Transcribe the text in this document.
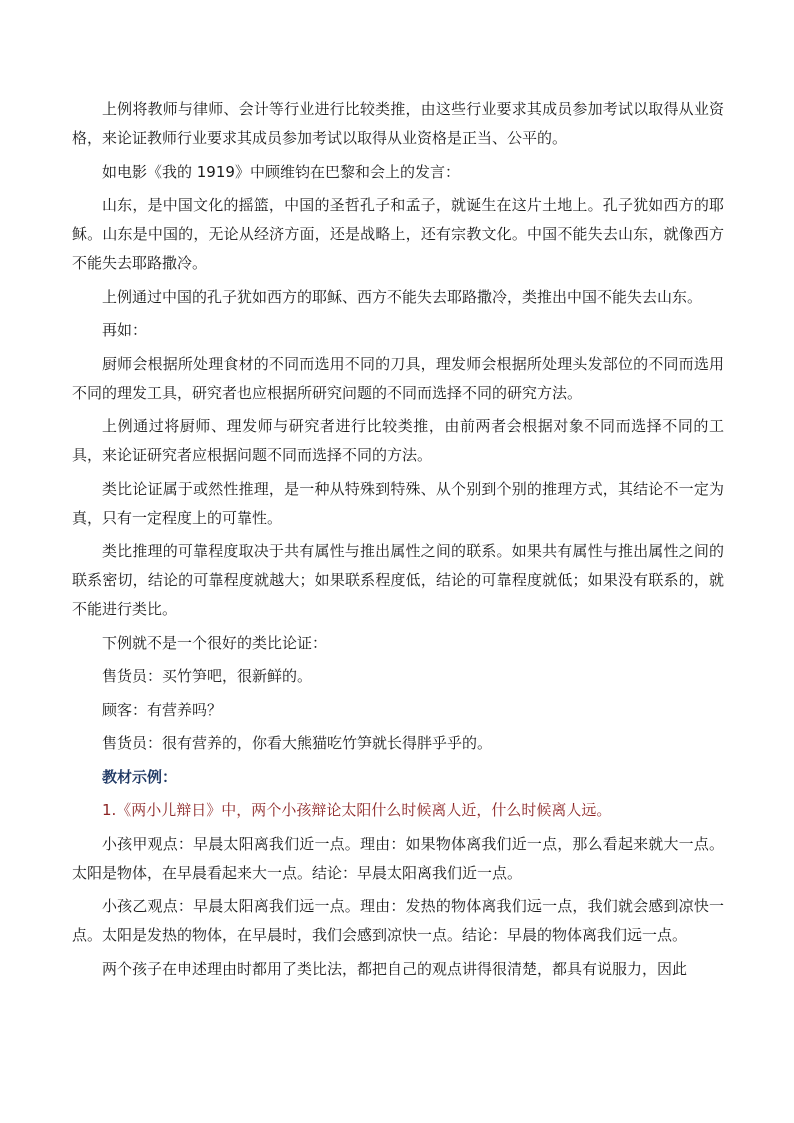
上例将教师与律师、会计等行业进行比较类推，由这些行业要求其成员参加考试以取得从业资格，来论证教师行业要求其成员参加考试以取得从业资格是正当、公平的。

如电影《我的 1919》中顾维钧在巴黎和会上的发言：

山东，是中国文化的摇篮，中国的圣哲孔子和孟子，就诞生在这片土地上。孔子犹如西方的耶稣。山东是中国的，无论从经济方面，还是战略上，还有宗教文化。中国不能失去山东，就像西方不能失去耶路撒冷。

上例通过中国的孔子犹如西方的耶稣、西方不能失去耶路撒冷，类推出中国不能失去山东。

再如：

厨师会根据所处理食材的不同而选用不同的刀具，理发师会根据所处理头发部位的不同而选用不同的理发工具，研究者也应根据所研究问题的不同而选择不同的研究方法。

上例通过将厨师、理发师与研究者进行比较类推，由前两者会根据对象不同而选择不同的工具，来论证研究者应根据问题不同而选择不同的方法。

类比论证属于或然性推理，是一种从特殊到特殊、从个别到个别的推理方式，其结论不一定为真，只有一定程度上的可靠性。

类比推理的可靠程度取决于共有属性与推出属性之间的联系。如果共有属性与推出属性之间的联系密切，结论的可靠程度就越大；如果联系程度低，结论的可靠程度就低；如果没有联系的，就不能进行类比。

下例就不是一个很好的类比论证：

售货员：买竹笋吧，很新鲜的。

顾客：有营养吗？

售货员：很有营养的，你看大熊猫吃竹笋就长得胖乎乎的。

教材示例：

1.《两小儿辩日》中，两个小孩辩论太阳什么时候离人近，什么时候离人远。

小孩甲观点：早晨太阳离我们近一点。理由：如果物体离我们近一点，那么看起来就大一点。太阳是物体，在早晨看起来大一点。结论：早晨太阳离我们近一点。

小孩乙观点：早晨太阳离我们远一点。理由：发热的物体离我们远一点，我们就会感到凉快一点。太阳是发热的物体，在早晨时，我们会感到凉快一点。结论：早晨的物体离我们远一点。

两个孩子在申述理由时都用了类比法，都把自己的观点讲得很清楚，都具有说服力，因此
